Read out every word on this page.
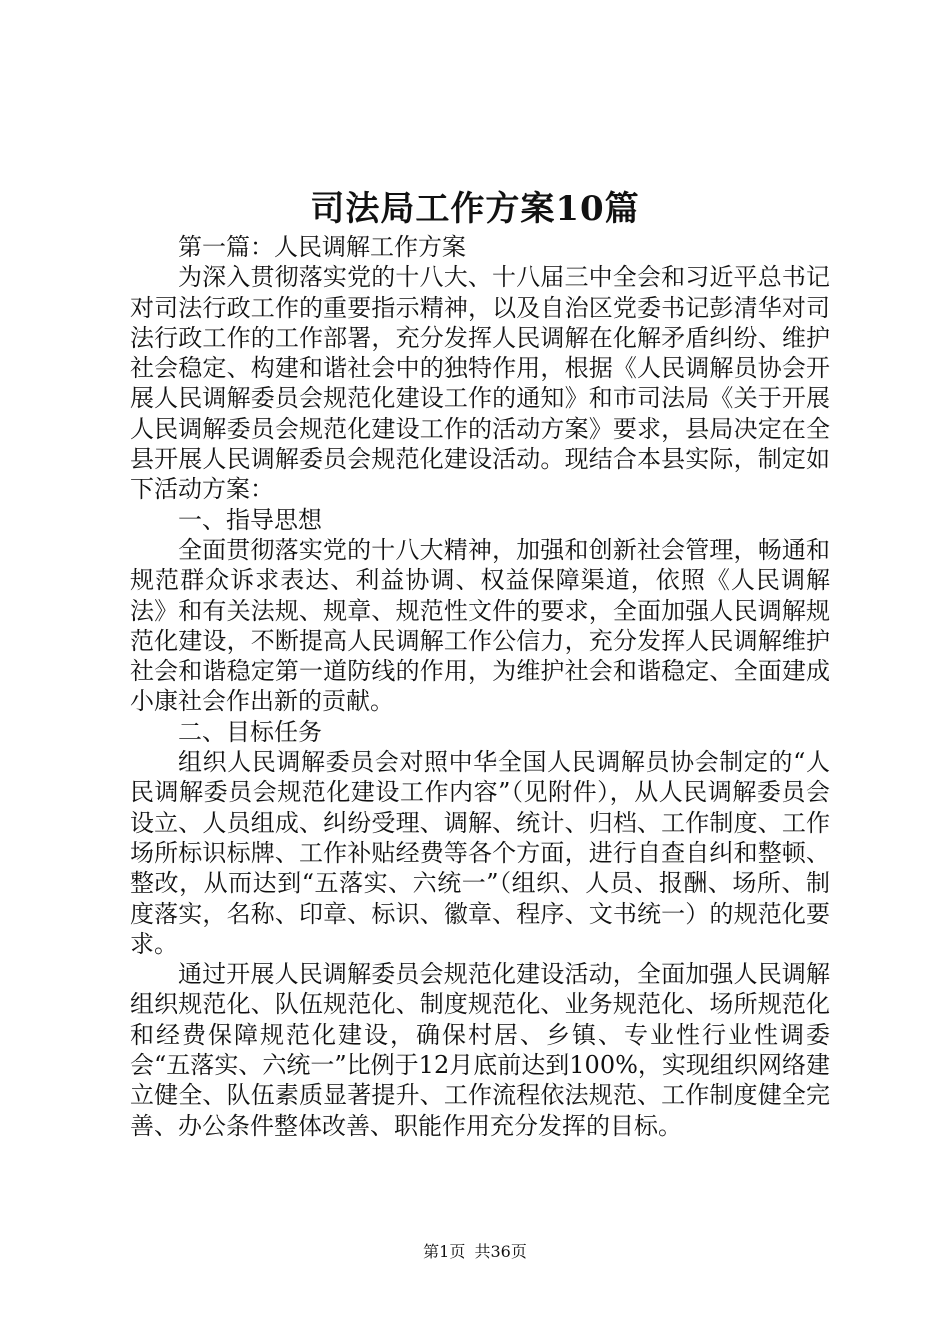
司法局工作方案10篇

第一篇：人民调解工作方案

为深入贯彻落实党的十八大、十八届三中全会和习近平总书记对司法行政工作的重要指示精神，以及自治区党委书记彭清华对司法行政工作的工作部署，充分发挥人民调解在化解矛盾纠纷、维护社会稳定、构建和谐社会中的独特作用，根据《人民调解员协会开展人民调解委员会规范化建设工作的通知》和市司法局《关于开展人民调解委员会规范化建设工作的活动方案》要求，县局决定在全县开展人民调解委员会规范化建设活动。现结合本县实际，制定如下活动方案：

一、指导思想

全面贯彻落实党的十八大精神，加强和创新社会管理，畅通和规范群众诉求表达、利益协调、权益保障渠道，依照《人民调解法》和有关法规、规章、规范性文件的要求，全面加强人民调解规范化建设，不断提高人民调解工作公信力，充分发挥人民调解维护社会和谐稳定第一道防线的作用，为维护社会和谐稳定、全面建成小康社会作出新的贡献。

二、目标任务

组织人民调解委员会对照中华全国人民调解员协会制定的“人民调解委员会规范化建设工作内容”（见附件），从人民调解委员会设立、人员组成、纠纷受理、调解、统计、归档、工作制度、工作场所标识标牌、工作补贴经费等各个方面，进行自查自纠和整顿、整改，从而达到“五落实、六统一”（组织、人员、报酬、场所、制度落实，名称、印章、标识、徽章、程序、文书统一）的规范化要求。

通过开展人民调解委员会规范化建设活动，全面加强人民调解组织规范化、队伍规范化、制度规范化、业务规范化、场所规范化和经费保障规范化建设，确保村居、乡镇、专业性行业性调委会“五落实、六统一”比例于12月底前达到100%，实现组织网络建立健全、队伍素质显著提升、工作流程依法规范、工作制度健全完善、办公条件整体改善、职能作用充分发挥的目标。

第1页 共36页
